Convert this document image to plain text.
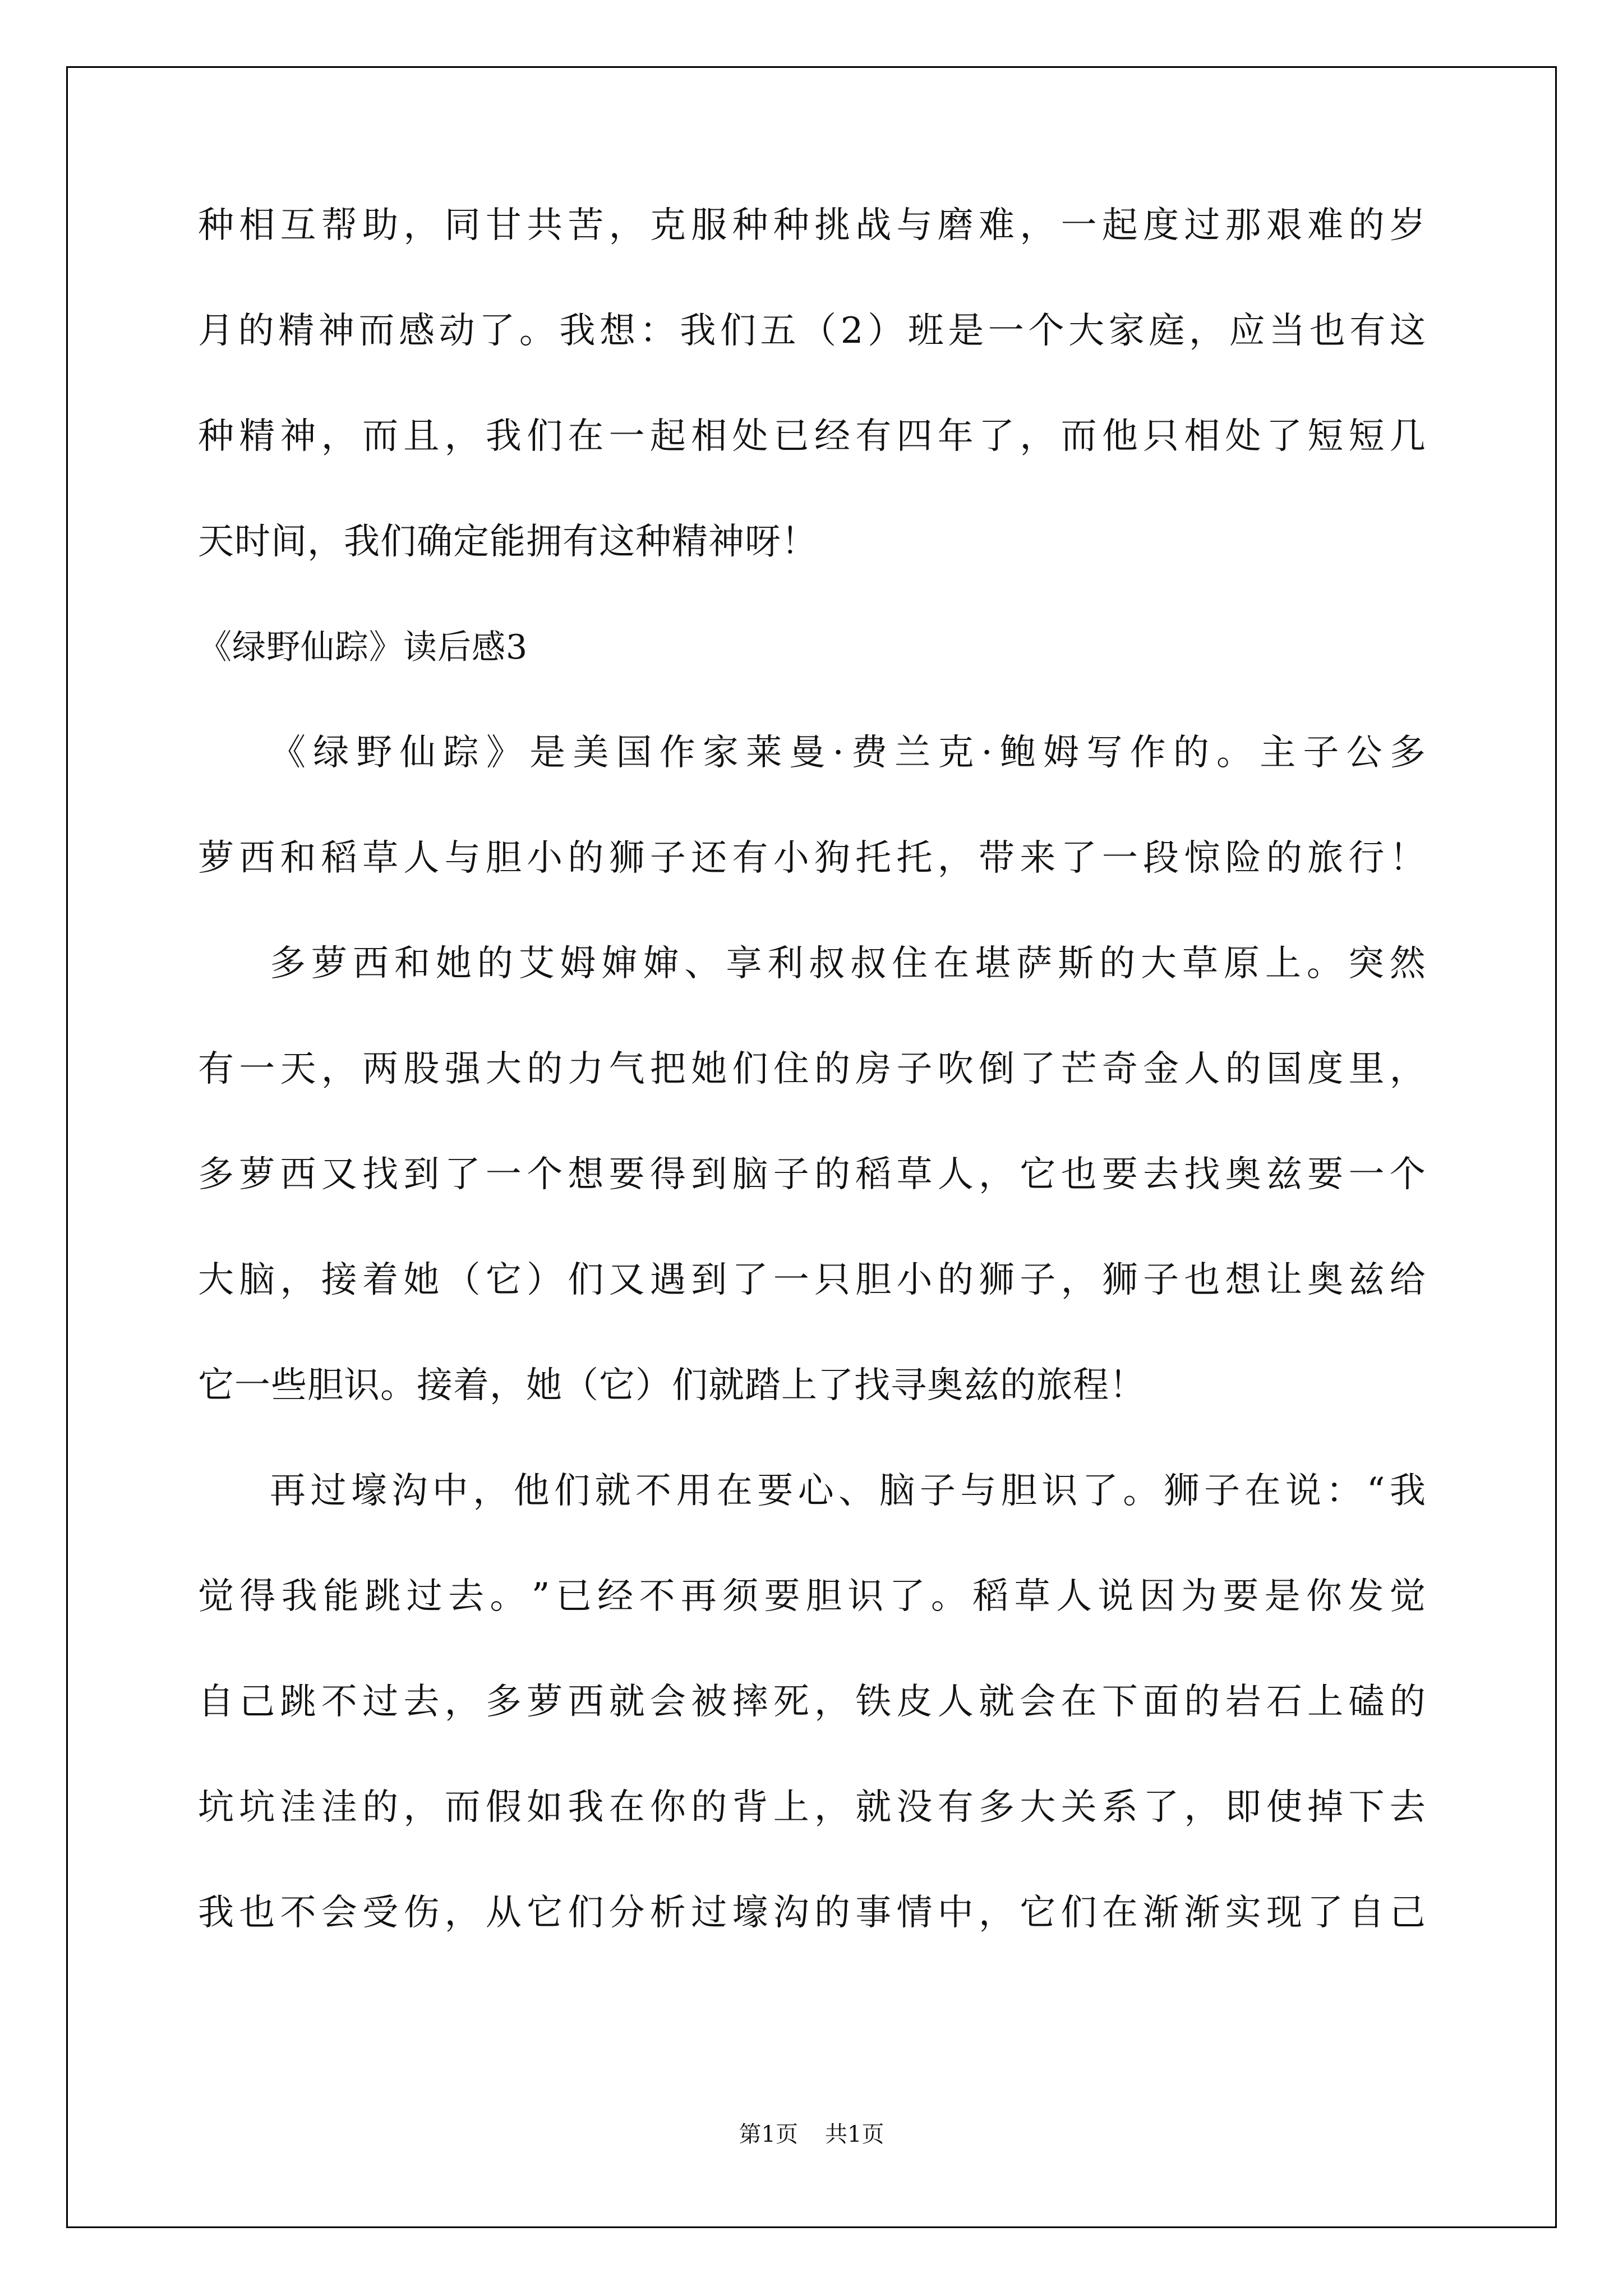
种 相 互 帮 助 ， 同 甘 共 苦 ， 克 服 种 种 挑 战 与 磨 难 ， 一 起 度 过 那 艰 难 的 岁
月 的 精 神 而 感 动 了 。 我 想 ： 我 们 五 （ 2 ） 班 是 一 个 大 家 庭 ， 应 当 也 有 这
种 精 神 ， 而 且 ， 我 们 在 一 起 相 处 已 经 有 四 年 了 ， 而 他 只 相 处 了 短 短 几
天时间，我们确定能拥有这种精神呀！
《绿野仙踪》读后感3
《 绿 野 仙 踪 》 是 美 国 作 家 莱 曼 · 费 兰 克 · 鲍 姆 写 作 的 。 主 子 公 多
萝 西 和 稻 草 人 与 胆 小 的 狮 子 还 有 小 狗 托 托 ， 带 来 了 一 段 惊 险 的 旅 行 ！
多 萝 西 和 她 的 艾 姆 婶 婶 、 享 利 叔 叔 住 在 堪 萨 斯 的 大 草 原 上 。 突 然
有 一 天 ， 两 股 强 大 的 力 气 把 她 们 住 的 房 子 吹 倒 了 芒 奇 金 人 的 国 度 里 ，
多 萝 西 又 找 到 了 一 个 想 要 得 到 脑 子 的 稻 草 人 ， 它 也 要 去 找 奥 兹 要 一 个
大 脑 ， 接 着 她 （ 它 ） 们 又 遇 到 了 一 只 胆 小 的 狮 子 ， 狮 子 也 想 让 奥 兹 给
它一些胆识。接着，她（它）们就踏上了找寻奥兹的旅程！
再 过 壕 沟 中 ， 他 们 就 不 用 在 要 心 、 脑 子 与 胆 识 了 。 狮 子 在 说 ： “ 我
觉 得 我 能 跳 过 去 。 ” 已 经 不 再 须 要 胆 识 了 。 稻 草 人 说 因 为 要 是 你 发 觉
自 己 跳 不 过 去 ， 多 萝 西 就 会 被 摔 死 ， 铁 皮 人 就 会 在 下 面 的 岩 石 上 磕 的
坑 坑 洼 洼 的 ， 而 假 如 我 在 你 的 背 上 ， 就 没 有 多 大 关 系 了 ， 即 使 掉 下 去
我 也 不 会 受 伤 ， 从 它 们 分 析 过 壕 沟 的 事 情 中 ， 它 们 在 渐 渐 实 现 了 自 己
第1页 共1页
